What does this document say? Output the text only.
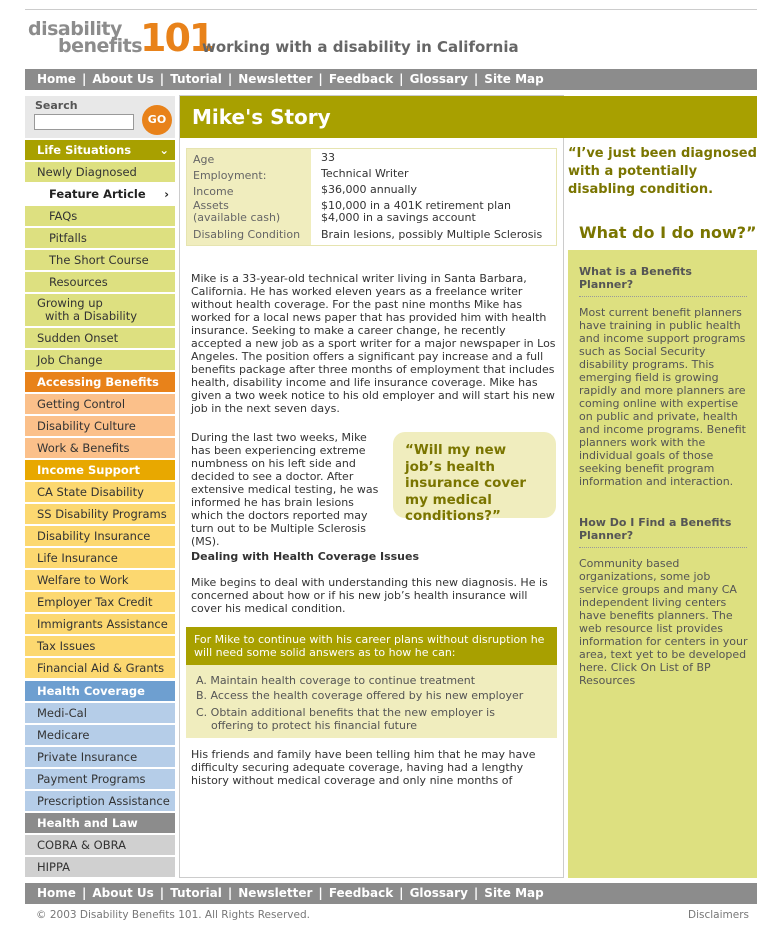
disability
benefits
101
working with a disability in California
Home | About Us | Tutorial | Newsletter | Feedback | Glossary | Site Map
Search
GO
Life Situations ⌄
Newly Diagnosed
Feature Article ›
FAQs
Pitfalls
The Short Course
Resources
Growing up
with a Disability
Sudden Onset
Job Change
Accessing Benefits
Getting Control
Disability Culture
Work & Benefits
Income Support
CA State Disability
SS Disability Programs
Disability Insurance
Life Insurance
Welfare to Work
Employer Tax Credit
Immigrants Assistance
Tax Issues
Financial Aid & Grants
Health Coverage
Medi-Cal
Medicare
Private Insurance
Payment Programs
Prescription Assistance
Health and Law
COBRA & OBRA
HIPPA
Mike's Story
Age
Employment:
Income
Assets
(available cash)
Disabling Condition
33
Technical Writer
$36,000 annually
$10,000 in a 401K retirement plan
$4,000 in a savings account
Brain lesions, possibly Multiple Sclerosis
Mike is a 33-year-old technical writer living in Santa Barbara, California. He has worked eleven years as a freelance writer without health coverage. For the past nine months Mike has worked for a local news paper that has provided him with health insurance. Seeking to make a career change, he recently accepted a new job as a sport writer for a major newspaper in Los Angeles. The position offers a significant pay increase and a full benefits package after three months of employment that includes health, disability income and life insurance coverage. Mike has given a two week notice to his old employer and will start his new job in the next seven days.
During the last two weeks, Mike has been experiencing extreme numbness on his left side and decided to see a doctor. After extensive medical testing, he was informed he has brain lesions which the doctors reported may turn out to be Multiple Sclerosis (MS).
“Will my new job’s health insurance cover my medical conditions?”
Dealing with Health Coverage Issues
Mike begins to deal with understanding this new diagnosis. He is concerned about how or if his new job’s health insurance will cover his medical condition.
For Mike to continue with his career plans without disruption he will need some solid answers as to how he can:
A. Maintain health coverage to continue treatment
B. Access the health coverage offered by his new employer
C. Obtain additional benefits that the new employer is
offering to protect his financial future
His friends and family have been telling him that he may have difficulty securing adequate coverage, having had a lengthy history without medical coverage and only nine months of
“I’ve just been diagnosed with a potentially disabling condition.
What do I do now?”
What is a Benefits Planner?
Most current benefit planners have training in public health and income support programs such as Social Security disability programs. This emerging field is growing rapidly and more planners are coming online with expertise on public and private, health and income programs. Benefit planners work with the individual goals of those seeking benefit program information and interaction.
How Do I Find a Benefits Planner?
Community based organizations, some job service groups and many CA independent living centers have benefits planners. The web resource list provides information for centers in your area, text yet to be developed here. Click On List of BP Resources
Home | About Us | Tutorial | Newsletter | Feedback | Glossary | Site Map
© 2003 Disability Benefits 101. All Rights Reserved.	Disclaimers
